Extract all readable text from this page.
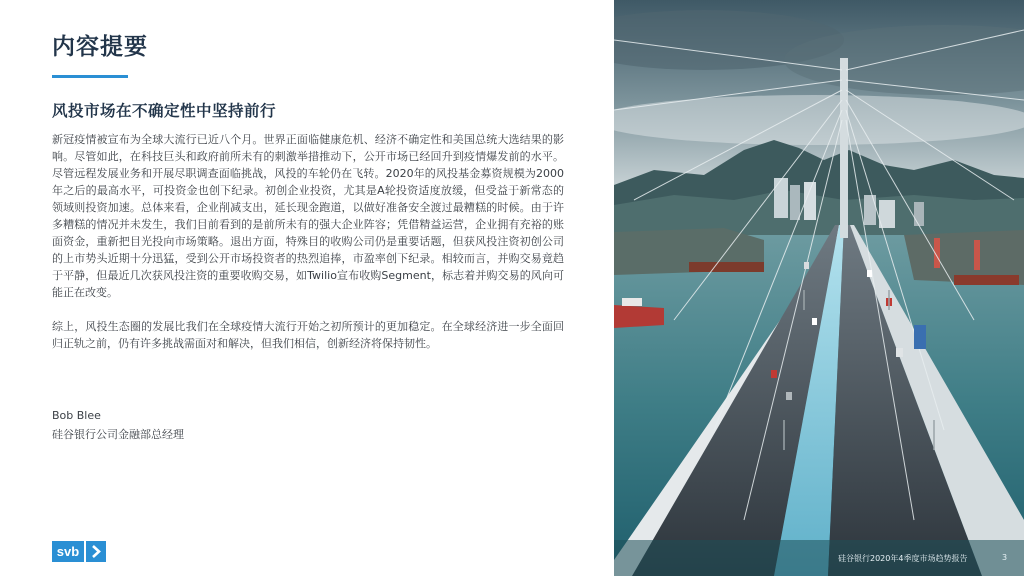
内容提要
风投市场在不确定性中坚持前行

新冠疫情被宣布为全球大流行已近八个月。世界正面临健康危机、经济不确定性和美国总统大选结果的影响。尽管如此，在科技巨头和政府前所未有的刺激举措推动下，公开市场已经回升到疫情爆发前的水平。尽管远程发展业务和开展尽职调查面临挑战，风投的车轮仍在飞转。2020年的风投基金募资规模为2000年之后的最高水平，可投资金也创下纪录。初创企业投资，尤其是A轮投资适度放缓，但受益于新常态的领域则投资加速。总体来看，企业削减支出，延长现金跑道，以做好准备安全渡过最糟糕的时候。由于许多糟糕的情况并未发生，我们目前看到的是前所未有的强大企业阵容；凭借精益运营，企业拥有充裕的账面资金，重新把目光投向市场策略。退出方面，特殊目的收购公司仍是重要话题，但获风投注资初创公司的上市势头近期十分迅猛，受到公开市场投资者的热烈追捧，市盈率创下纪录。相较而言，并购交易竟趋于平静，但最近几次获风投注资的重要收购交易，如Twilio宣布收购Segment，标志着并购交易的风向可能正在改变。

综上，风投生态圈的发展比我们在全球疫情大流行开始之初所预计的更加稳定。在全球经济进一步全面回归正轨之前，仍有许多挑战需面对和解决，但我们相信，创新经济将保持韧性。

Bob Blee
硅谷银行公司金融部总经理
svb	硅谷银行2020年4季度市场趋势报告	3
